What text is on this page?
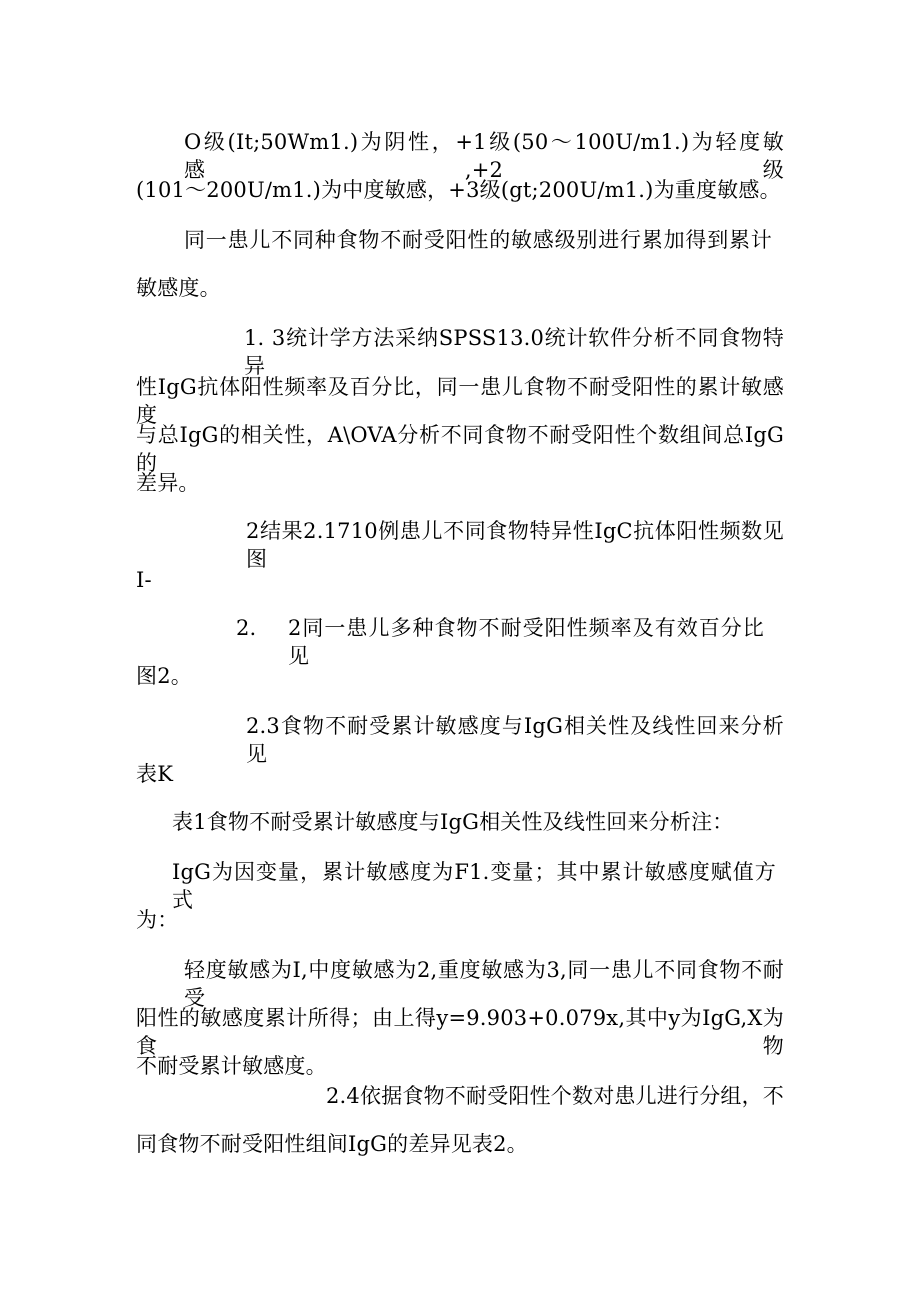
O级(It;50Wm1.)为阴性，+1级(50～100U∕m1.)为轻度敏感,+2级
(101～200U∕m1.)为中度敏感，+3级(gt;200U∕m1.)为重度敏感。
同一患儿不同种食物不耐受阳性的敏感级别进行累加得到累计
敏感度。
1. 3统计学方法采纳SPSS13.0统计软件分析不同食物特异
性IgG抗体阳性频率及百分比，同一患儿食物不耐受阳性的累计敏感度
与总IgG的相关性，A\OVA分析不同食物不耐受阳性个数组间总IgG的
差异。
2结果2.1710例患儿不同食物特异性IgC抗体阳性频数见图
I-
2. 2同一患儿多种食物不耐受阳性频率及有效百分比见
图2。
2.3食物不耐受累计敏感度与IgG相关性及线性回来分析见
表K
表1食物不耐受累计敏感度与IgG相关性及线性回来分析注：
IgG为因变量，累计敏感度为F1.变量；其中累计敏感度赋值方式
为：
轻度敏感为I,中度敏感为2,重度敏感为3,同一患儿不同食物不耐受
阳性的敏感度累计所得；由上得y=9.903+0.079x,其中y为IgG,X为食物
不耐受累计敏感度。
2.4依据食物不耐受阳性个数对患儿进行分组，不
同食物不耐受阳性组间IgG的差异见表2。
